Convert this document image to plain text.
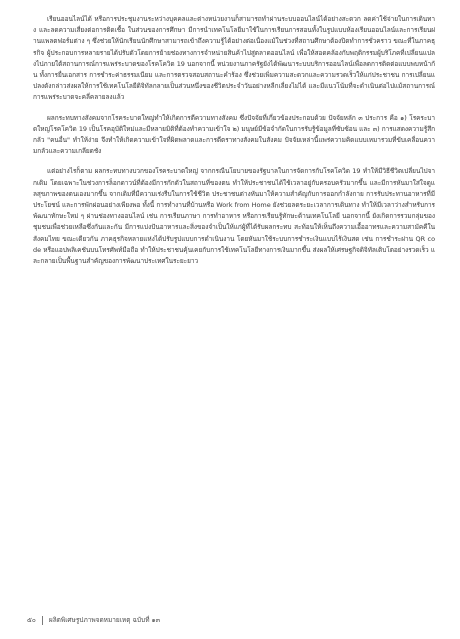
เรียนออนไลน์ได้ หรือการประชุมงานระหว่างบุคคลและต่างหน่วยงานก็สามารถทำผ่านระบบออนไลน์ได้อย่างสะดวก ลดค่าใช้จ่ายในการเดินทาง และลดความเสี่ยงต่อการติดเชื้อ ในส่วนของการศึกษา มีการนำเทคโนโลยีมาใช้ในการเรียนการสอนทั้งในรูปแบบห้องเรียนออนไลน์และการเรียนผ่านแพลตฟอร์มต่าง ๆ ซึ่งช่วยให้นักเรียนนักศึกษาสามารถเข้าถึงความรู้ได้อย่างต่อเนื่องแม้ในช่วงที่สถานศึกษาต้องปิดทำการชั่วคราว ขณะที่ในภาคธุรกิจ ผู้ประกอบการหลายรายได้ปรับตัวโดยการย้ายช่องทางการจำหน่ายสินค้าไปสู่ตลาดออนไลน์ เพื่อให้สอดคล้องกับพฤติกรรมผู้บริโภคที่เปลี่ยนแปลงไปภายใต้สถานการณ์การแพร่ระบาดของโรคโควิด 19 นอกจากนี้ หน่วยงานภาครัฐยังได้พัฒนาระบบบริการออนไลน์เพื่อลดการติดต่อแบบพบหน้ากัน ทั้งการยื่นเอกสาร การชำระค่าธรรมเนียม และการตรวจสอบสถานะคำร้อง ซึ่งช่วยเพิ่มความสะดวกและความรวดเร็วให้แก่ประชาชน การเปลี่ยนแปลงดังกล่าวส่งผลให้การใช้เทคโนโลยีดิจิทัลกลายเป็นส่วนหนึ่งของชีวิตประจำวันอย่างหลีกเลี่ยงไม่ได้ และมีแนวโน้มที่จะดำเนินต่อไปแม้สถานการณ์การแพร่ระบาดจะคลี่คลายลงแล้ว

ผลกระทบทางสังคมจากโรคระบาดใหญ่ทำให้เกิดการตีความทางสังคม ซึ่งปัจจัยที่เกี่ยวข้องประกอบด้วย ปัจจัยหลัก ๓ ประการ คือ ๑) โรคระบาดใหญ่โรคโควิด 19 เป็นโรคอุบัติใหม่และมีหลายมิติที่ต้องทำความเข้าใจ ๒) มนุษย์มีข้อจำกัดในการรับรู้ข้อมูลที่ซับซ้อน และ ๓) การแสดงความรู้สึกกลัว "คนอื่น" ทำให้ง่าย จึงทำให้เกิดความเข้าใจที่ผิดพลาดและการตีตราทางสังคมในสังคม ปัจจัยเหล่านี้แพร่ความคิดแบบเหมารวมที่ขับเคลื่อนความกลัวและความเกลียดชัง

แต่อย่างไรก็ตาม ผลกระทบทางบวกของโรคระบาดใหญ่ จากกรณีนโยบายของรัฐบาลในการจัดการกับโรคโควิด 19 ทำให้มีวิธีชีวิตเปลี่ยนไปจากเดิม โดยเฉพาะในช่วงการล็อกดาวน์ที่ต้องมีการกักตัวในสถานที่ของตน ทำให้ประชาชนได้ใช้เวลาอยู่กับครอบครัวมากขึ้น และมีการหันมาใส่ใจดูแลสุขภาพของตนเองมากขึ้น จากเดิมที่มีความเร่งรีบในการใช้ชีวิต ประชาชนต่างหันมาให้ความสำคัญกับการออกกำลังกาย การรับประทานอาหารที่มีประโยชน์ และการพักผ่อนอย่างเพียงพอ ทั้งนี้ การทำงานที่บ้านหรือ Work from Home ยังช่วยลดระยะเวลาการเดินทาง ทำให้มีเวลาว่างสำหรับการพัฒนาทักษะใหม่ ๆ ผ่านช่องทางออนไลน์ เช่น การเรียนภาษา การทำอาหาร หรือการเรียนรู้ทักษะด้านเทคโนโลยี นอกจากนี้ ยังเกิดการรวมกลุ่มของชุมชนเพื่อช่วยเหลือซึ่งกันและกัน มีการแบ่งปันอาหารและสิ่งของจำเป็นให้แก่ผู้ที่ได้รับผลกระทบ สะท้อนให้เห็นถึงความเอื้ออาทรและความสามัคคีในสังคมไทย ขณะเดียวกัน ภาคธุรกิจหลายแห่งได้ปรับรูปแบบการดำเนินงาน โดยหันมาใช้ระบบการชำระเงินแบบไร้เงินสด เช่น การชำระผ่าน QR code หรือแอปพลิเคชันบนโทรศัพท์มือถือ ทำให้ประชาชนคุ้นเคยกับการใช้เทคโนโลยีทางการเงินมากขึ้น ส่งผลให้เศรษฐกิจดิจิทัลเติบโตอย่างรวดเร็ว และกลายเป็นพื้นฐานสำคัญของการพัฒนาประเทศในระยะยาว

๕๐ ผลิตพิเศษรูปภาพจดหมายเหตุ ฉบับที่ ๑๓
